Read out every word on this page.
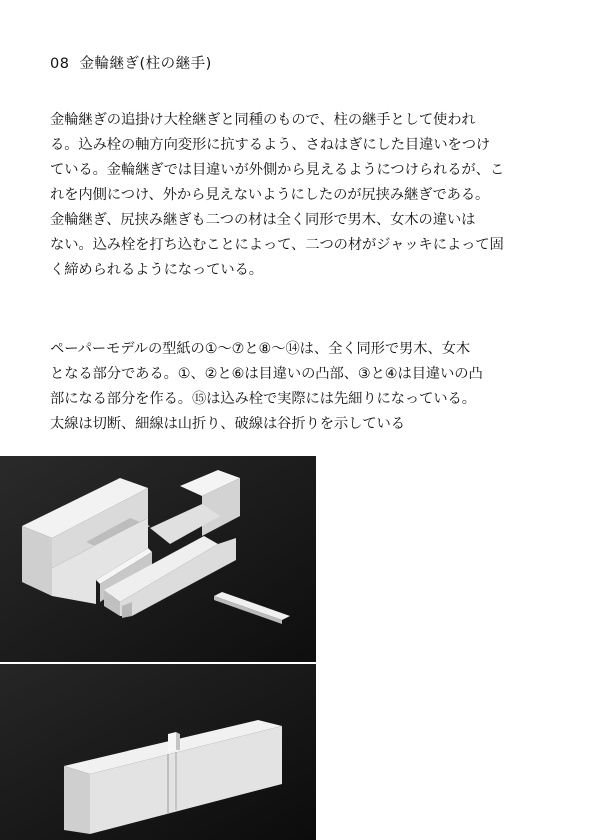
08 金輪継ぎ(柱の継手)
金輪継ぎの追掛け大栓継ぎと同種のもので、柱の継手として使われ
る。込み栓の軸方向変形に抗するよう、さねはぎにした目違いをつけ
ている。金輪継ぎでは目違いが外側から見えるようにつけられるが、こ
れを内側につけ、外から見えないようにしたのが尻挟み継ぎである。
金輪継ぎ、尻挟み継ぎも二つの材は全く同形で男木、女木の違いは
ない。込み栓を打ち込むことによって、二つの材がジャッキによって固
く締められるようになっている。
ペーパーモデルの型紙の①〜⑦と⑧〜⑭は、全く同形で男木、女木
となる部分である。①、②と⑥は目違いの凸部、③と④は目違いの凸
部になる部分を作る。⑮は込み栓で実際には先細りになっている。
太線は切断、細線は山折り、破線は谷折りを示している
